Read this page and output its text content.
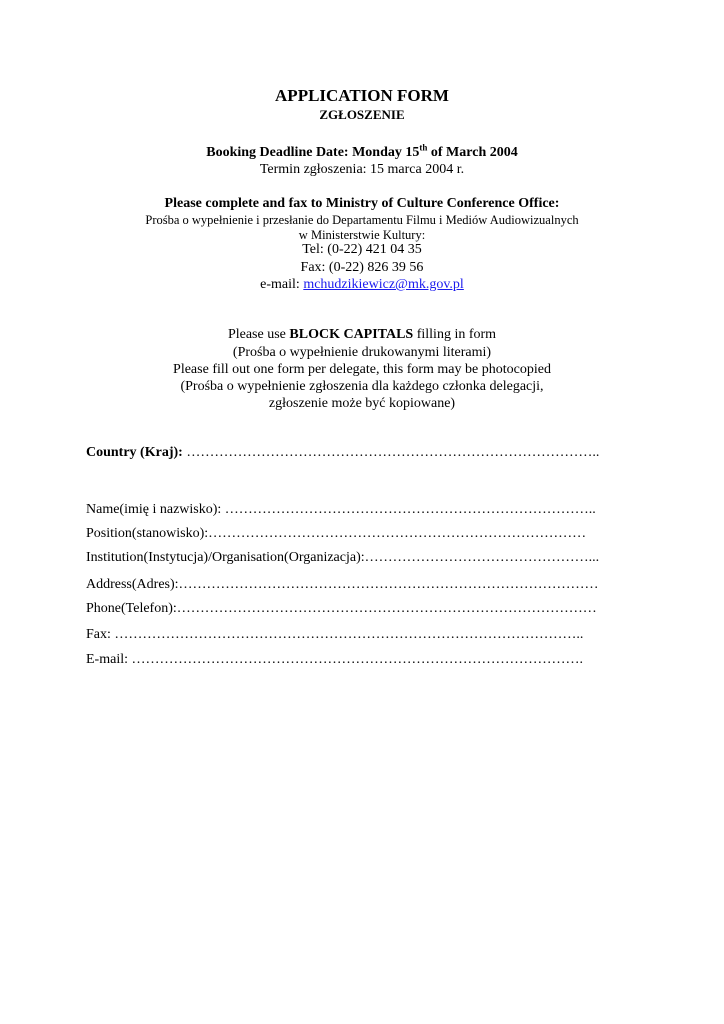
APPLICATION FORM
ZGŁOSZENIE
Booking Deadline Date: Monday 15th of March 2004
Termin zgłoszenia: 15 marca 2004 r.
Please complete and fax to Ministry of Culture Conference Office:
Prośba o wypełnienie i przesłanie do Departamentu Filmu i Mediów Audiowizualnych
w Ministerstwie Kultury:
Tel: (0-22) 421 04 35
Fax: (0-22) 826 39 56
e-mail: mchudzikiewicz@mk.gov.pl
Please use BLOCK CAPITALS filling in form
(Prośba o wypełnienie drukowanymi literami)
Please fill out one form per delegate, this form may be photocopied
(Prośba o wypełnienie zgłoszenia dla każdego członka delegacji,
zgłoszenie może być kopiowane)
Country (Kraj): ……………………………………………………………………………..
Name(imię i nazwisko): ……………………………………………………………………..
Position(stanowisko):………………………………………………………………………
Institution(Instytucja)/Organisation(Organizacja):…………………………………………...
Address(Adres):………………………………………………………………………………
Phone(Telefon):………………………………………………………………………………
Fax: ………………………………………………………………………………………..
E-mail: …………………………………………………………………………………….
